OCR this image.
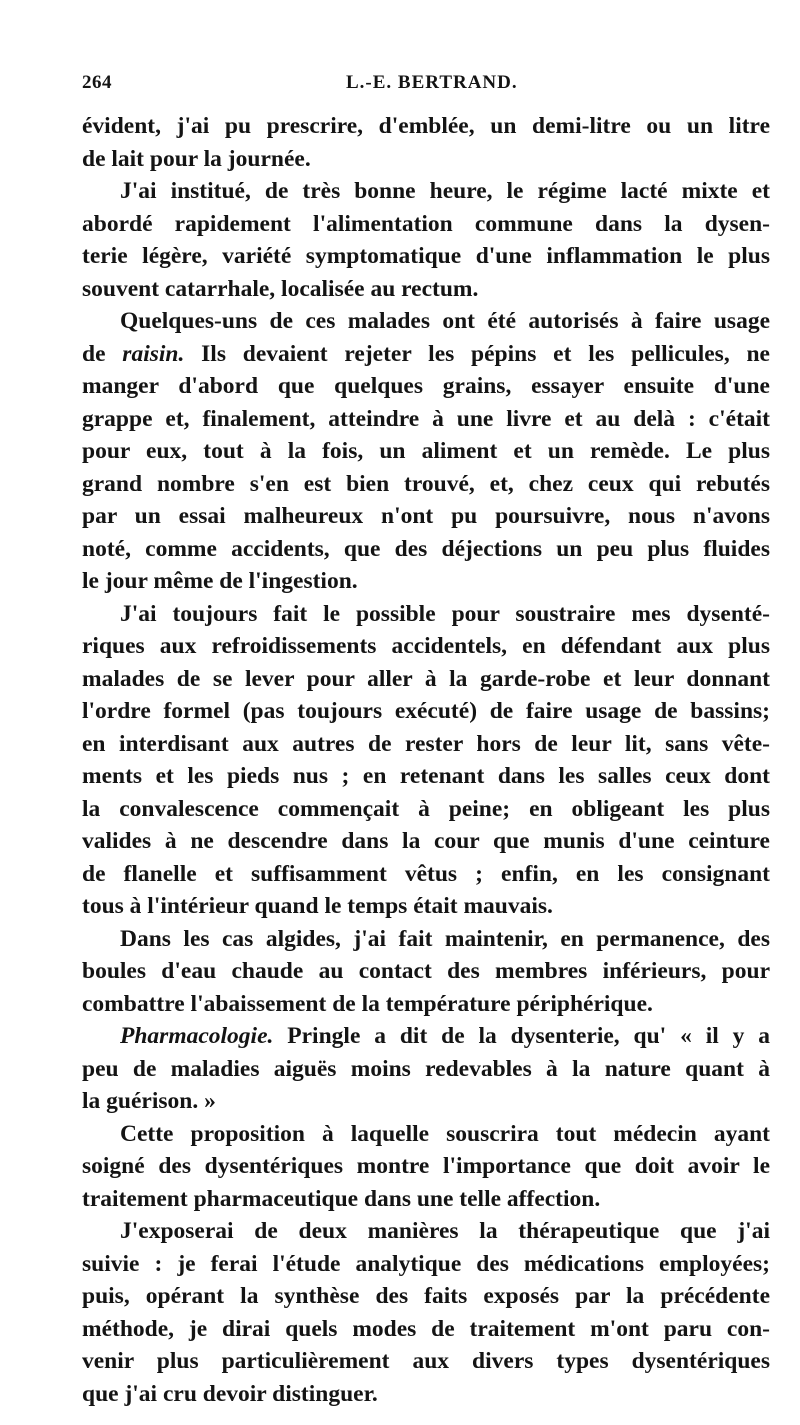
264	L.-E. BERTRAND.
évident, j'ai pu prescrire, d'emblée, un demi-litre ou un litre
de lait pour la journée.
J'ai institué, de très bonne heure, le régime lacté mixte et
abordé rapidement l'alimentation commune dans la dysen-
terie légère, variété symptomatique d'une inflammation le plus
souvent catarrhale, localisée au rectum.
Quelques-uns de ces malades ont été autorisés à faire usage
de raisin. Ils devaient rejeter les pépins et les pellicules, ne
manger d'abord que quelques grains, essayer ensuite d'une
grappe et, finalement, atteindre à une livre et au delà : c'était
pour eux, tout à la fois, un aliment et un remède. Le plus
grand nombre s'en est bien trouvé, et, chez ceux qui rebutés
par un essai malheureux n'ont pu poursuivre, nous n'avons
noté, comme accidents, que des déjections un peu plus fluides
le jour même de l'ingestion.
J'ai toujours fait le possible pour soustraire mes dysenté-
riques aux refroidissements accidentels, en défendant aux plus
malades de se lever pour aller à la garde-robe et leur donnant
l'ordre formel (pas toujours exécuté) de faire usage de bassins;
en interdisant aux autres de rester hors de leur lit, sans vête-
ments et les pieds nus ; en retenant dans les salles ceux dont
la convalescence commençait à peine; en obligeant les plus
valides à ne descendre dans la cour que munis d'une ceinture
de flanelle et suffisamment vêtus ; enfin, en les consignant
tous à l'intérieur quand le temps était mauvais.
Dans les cas algides, j'ai fait maintenir, en permanence, des
boules d'eau chaude au contact des membres inférieurs, pour
combattre l'abaissement de la température périphérique.
Pharmacologie. Pringle a dit de la dysenterie, qu' « il y a
peu de maladies aiguës moins redevables à la nature quant à
la guérison. »
Cette proposition à laquelle souscrira tout médecin ayant
soigné des dysentériques montre l'importance que doit avoir le
traitement pharmaceutique dans une telle affection.
J'exposerai de deux manières la thérapeutique que j'ai
suivie : je ferai l'étude analytique des médications employées;
puis, opérant la synthèse des faits exposés par la précédente
méthode, je dirai quels modes de traitement m'ont paru con-
venir plus particulièrement aux divers types dysentériques
que j'ai cru devoir distinguer.
